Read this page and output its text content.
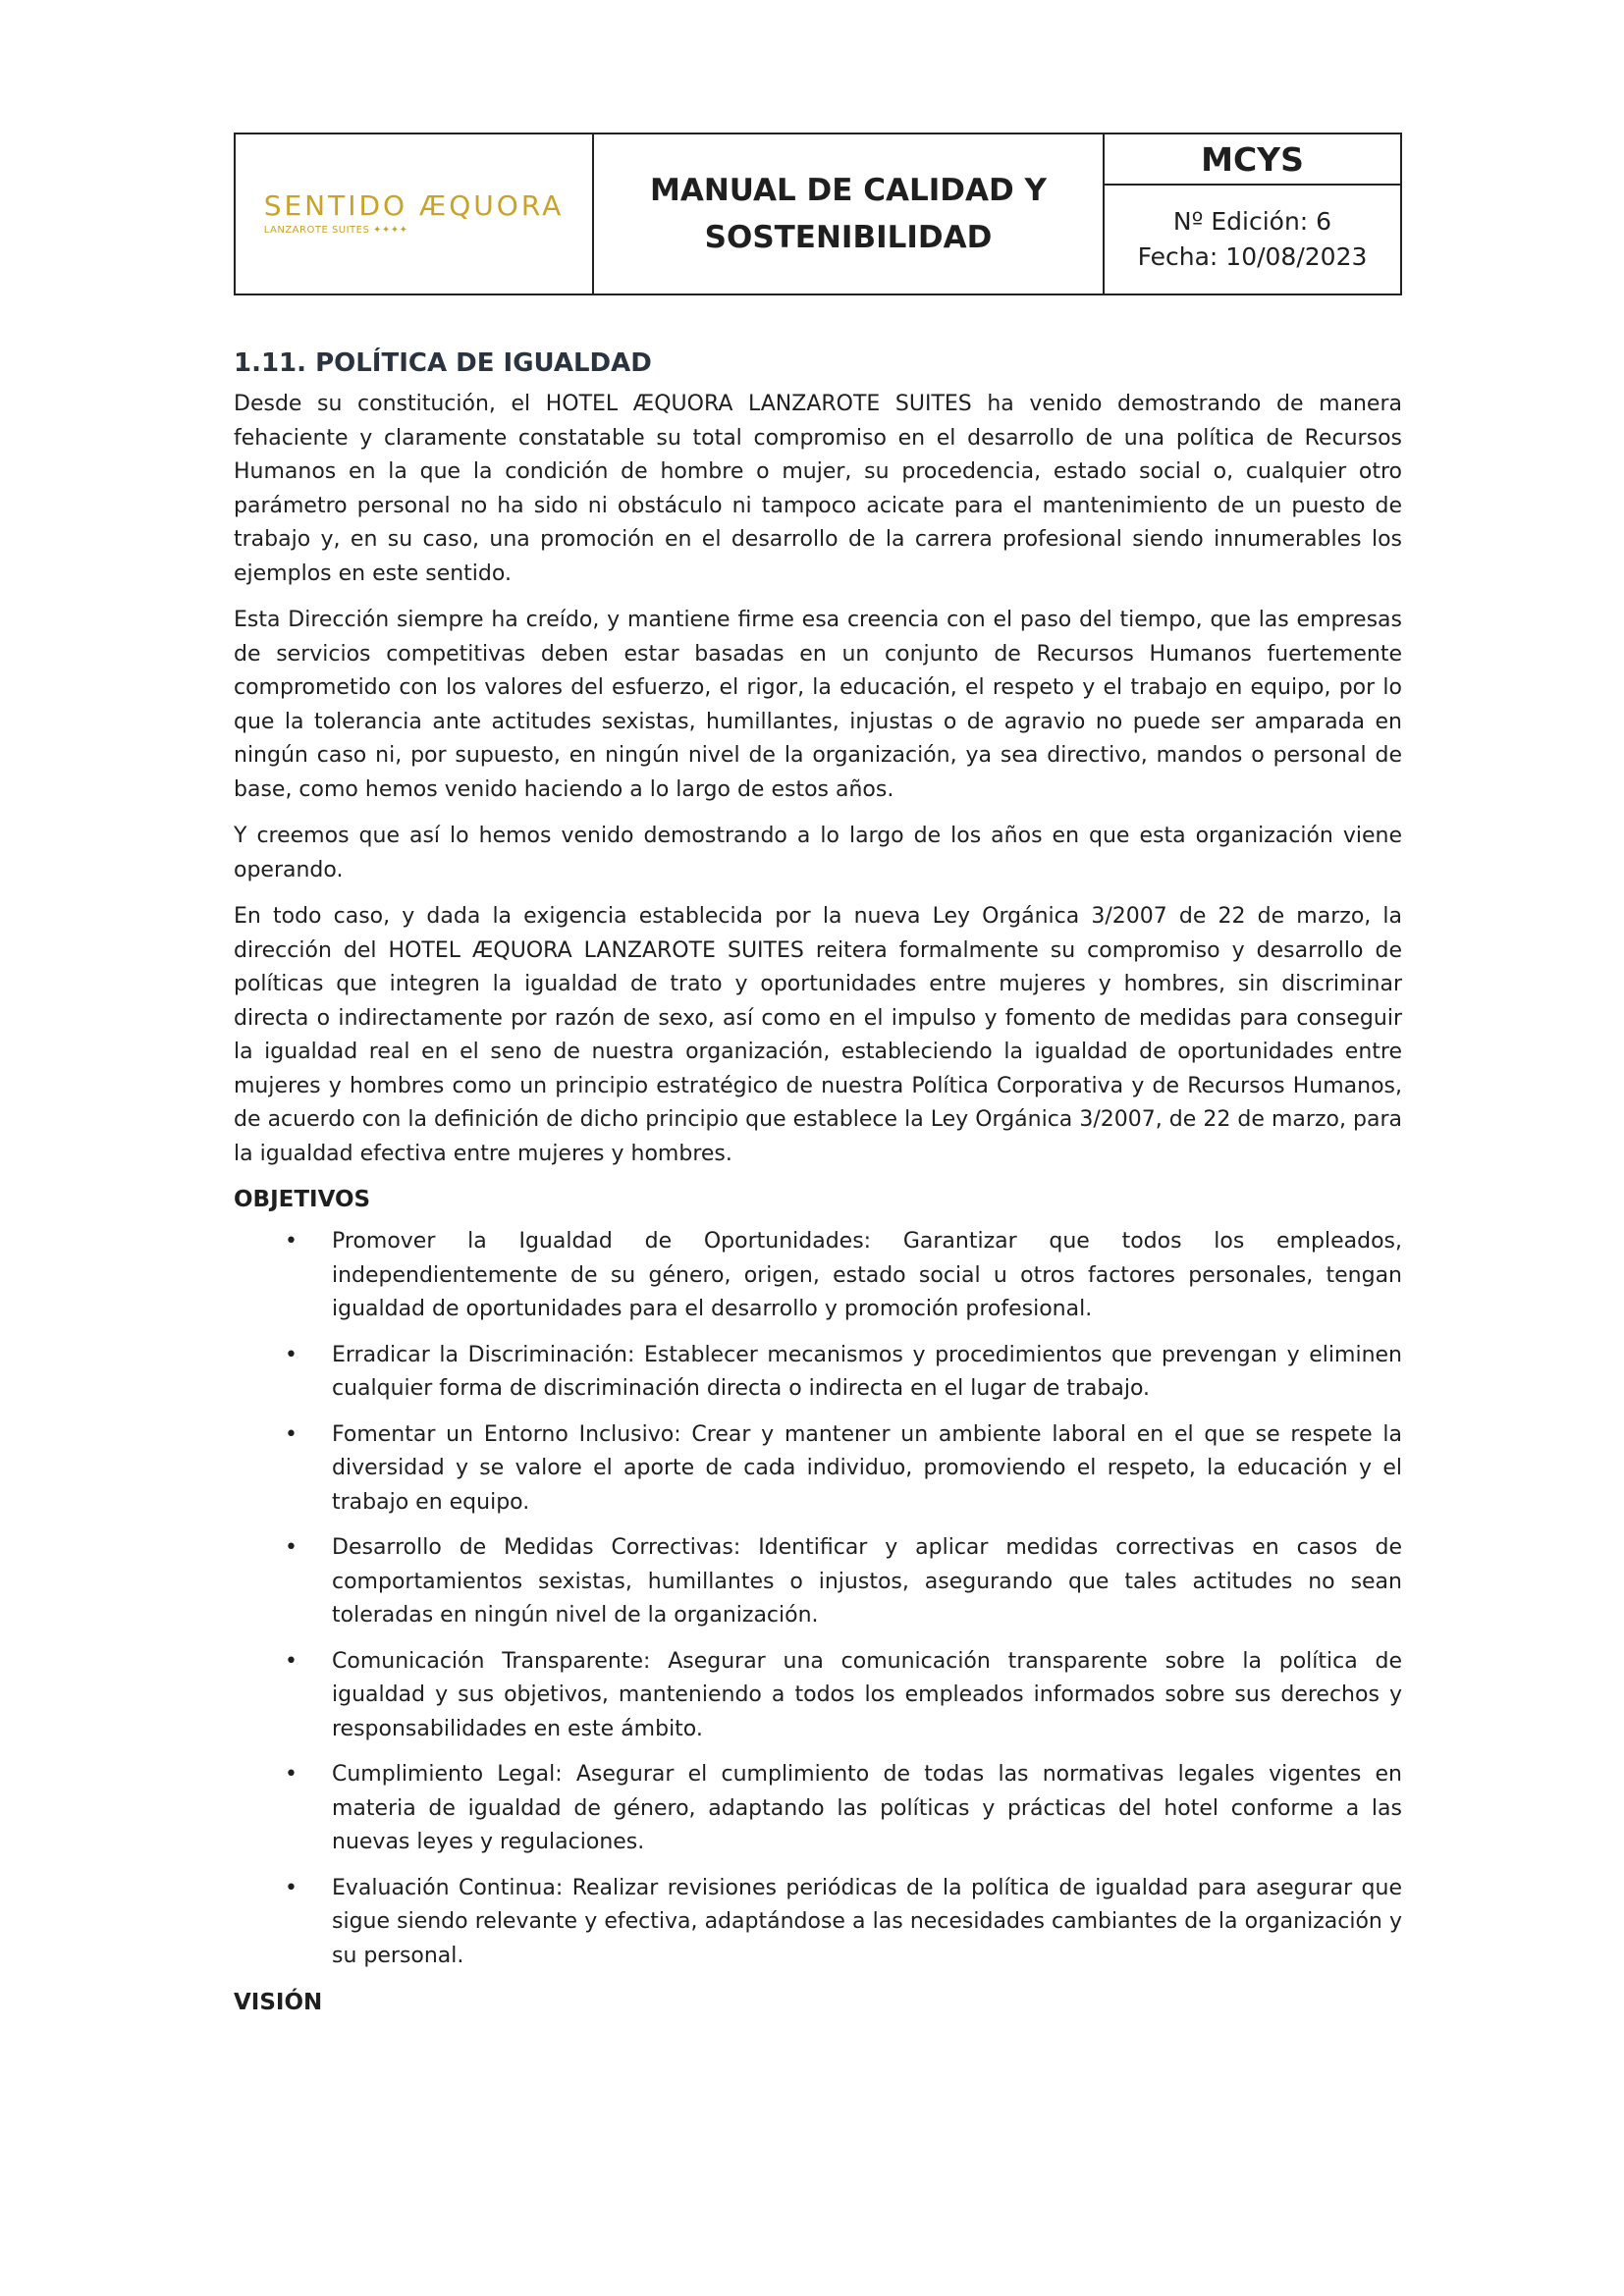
SENTIDO ÆQUORA
LANZAROTE SUITES ✦✦✦✦
MANUAL DE CALIDAD Y
SOSTENIBILIDAD
MCYS
Nº Edición: 6
Fecha: 10/08/2023
1.11. POLÍTICA DE IGUALDAD

Desde su constitución, el HOTEL ÆQUORA LANZAROTE SUITES ha venido demostrando de manera fehaciente y claramente constatable su total compromiso en el desarrollo de una política de Recursos Humanos en la que la condición de hombre o mujer, su procedencia, estado social o, cualquier otro parámetro personal no ha sido ni obstáculo ni tampoco acicate para el mantenimiento de un puesto de trabajo y, en su caso, una promoción en el desarrollo de la carrera profesional siendo innumerables los ejemplos en este sentido.

Esta Dirección siempre ha creído, y mantiene firme esa creencia con el paso del tiempo, que las empresas de servicios competitivas deben estar basadas en un conjunto de Recursos Humanos fuertemente comprometido con los valores del esfuerzo, el rigor, la educación, el respeto y el trabajo en equipo, por lo que la tolerancia ante actitudes sexistas, humillantes, injustas o de agravio no puede ser amparada en ningún caso ni, por supuesto, en ningún nivel de la organización, ya sea directivo, mandos o personal de base, como hemos venido haciendo a lo largo de estos años.

Y creemos que así lo hemos venido demostrando a lo largo de los años en que esta organización viene operando.

En todo caso, y dada la exigencia establecida por la nueva Ley Orgánica 3/2007 de 22 de marzo, la dirección del HOTEL ÆQUORA LANZAROTE SUITES reitera formalmente su compromiso y desarrollo de políticas que integren la igualdad de trato y oportunidades entre mujeres y hombres, sin discriminar directa o indirectamente por razón de sexo, así como en el impulso y fomento de medidas para conseguir la igualdad real en el seno de nuestra organización, estableciendo la igualdad de oportunidades entre mujeres y hombres como un principio estratégico de nuestra Política Corporativa y de Recursos Humanos, de acuerdo con la definición de dicho principio que establece la Ley Orgánica 3/2007, de 22 de marzo, para la igualdad efectiva entre mujeres y hombres.

OBJETIVOS
• Promover la Igualdad de Oportunidades: Garantizar que todos los empleados, independientemente de su género, origen, estado social u otros factores personales, tengan igualdad de oportunidades para el desarrollo y promoción profesional.
• Erradicar la Discriminación: Establecer mecanismos y procedimientos que prevengan y eliminen cualquier forma de discriminación directa o indirecta en el lugar de trabajo.
• Fomentar un Entorno Inclusivo: Crear y mantener un ambiente laboral en el que se respete la diversidad y se valore el aporte de cada individuo, promoviendo el respeto, la educación y el trabajo en equipo.
• Desarrollo de Medidas Correctivas: Identificar y aplicar medidas correctivas en casos de comportamientos sexistas, humillantes o injustos, asegurando que tales actitudes no sean toleradas en ningún nivel de la organización.
• Comunicación Transparente: Asegurar una comunicación transparente sobre la política de igualdad y sus objetivos, manteniendo a todos los empleados informados sobre sus derechos y responsabilidades en este ámbito.
• Cumplimiento Legal: Asegurar el cumplimiento de todas las normativas legales vigentes en materia de igualdad de género, adaptando las políticas y prácticas del hotel conforme a las nuevas leyes y regulaciones.
• Evaluación Continua: Realizar revisiones periódicas de la política de igualdad para asegurar que sigue siendo relevante y efectiva, adaptándose a las necesidades cambiantes de la organización y su personal.
VISIÓN
